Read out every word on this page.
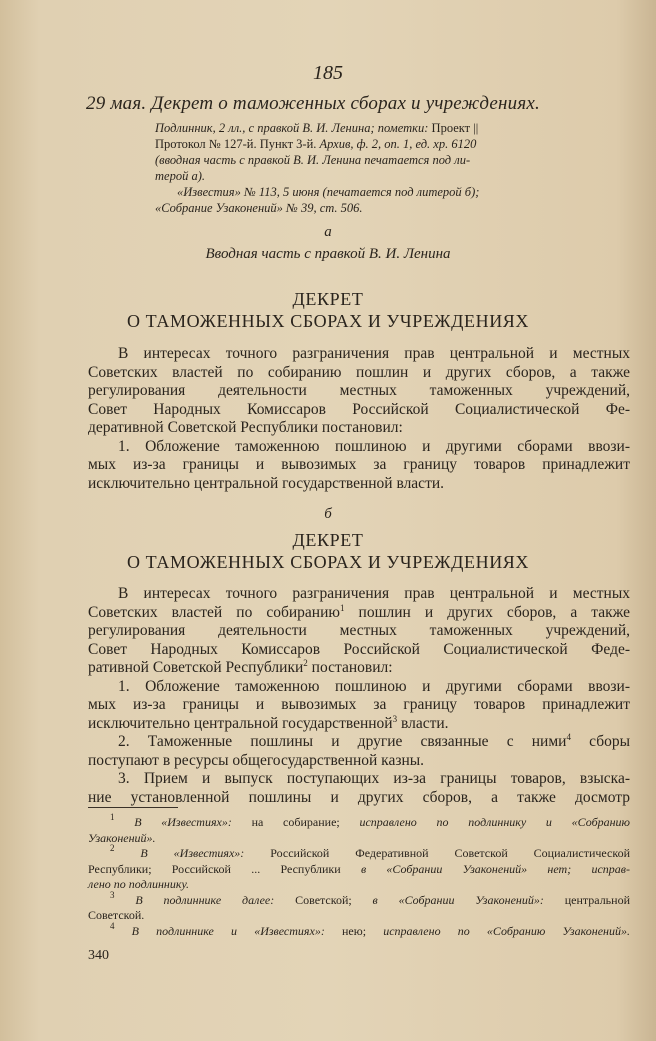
185
29 мая. Декрет о таможенных сборах и учреждениях.
Подлинник, 2 лл., с правкой В. И. Ленина; пометки: Проект ||
Протокол № 127-й. Пункт 3-й. Архив, ф. 2, оп. 1, ед. хр. 6120
(вводная часть с правкой В. И. Ленина печатается под ли-
терой а).
«Известия» № 113, 5 июня (печатается под литерой б);
«Собрание Узаконений» № 39, ст. 506.
а
Вводная часть с правкой В. И. Ленина
ДЕКРЕТ
О ТАМОЖЕННЫХ СБОРАХ И УЧРЕЖДЕНИЯХ
В интересах точного разграничения прав центральной и местных
Советских властей по собиранию пошлин и других сборов, а также
регулирования деятельности местных таможенных учреждений,
Совет Народных Комиссаров Российской Социалистической Фе-
деративной Советской Республики постановил:
1. Обложение таможенною пошлиною и другими сборами ввози-
мых из-за границы и вывозимых за границу товаров принадлежит
исключительно центральной государственной власти.
б
ДЕКРЕТ
О ТАМОЖЕННЫХ СБОРАХ И УЧРЕЖДЕНИЯХ
В интересах точного разграничения прав центральной и местных
Советских властей по собиранию$^1$ пошлин и других сборов, а также
регулирования деятельности местных таможенных учреждений,
Совет Народных Комиссаров Российской Социалистической Феде-
ративной Советской Республики$^2$ постановил:
1. Обложение таможенною пошлиною и другими сборами ввози-
мых из-за границы и вывозимых за границу товаров принадлежит
исключительно центральной государственной$^3$ власти.
2. Таможенные пошлины и другие связанные с ними$^4$ сборы
поступают в ресурсы общегосударственной казны.
3. Прием и выпуск поступающих из-за границы товаров, взыска-
ние установленной пошлины и других сборов, а также досмотр
$^1$ В «Известиях»: на собирание; исправлено по подлиннику и «Собранию
Узаконений».
$^2$ В «Известиях»: Российской Федеративной Советской Социалистической
Республики; Российской ... Республики в «Собрании Узаконений» нет; исправ-
лено по подлиннику.
$^3$ В подлиннике далее: Советской; в «Собрании Узаконений»: центральной
Советской.
$^4$ В подлиннике и «Известиях»: нею; исправлено по «Собранию Узаконений».
340
